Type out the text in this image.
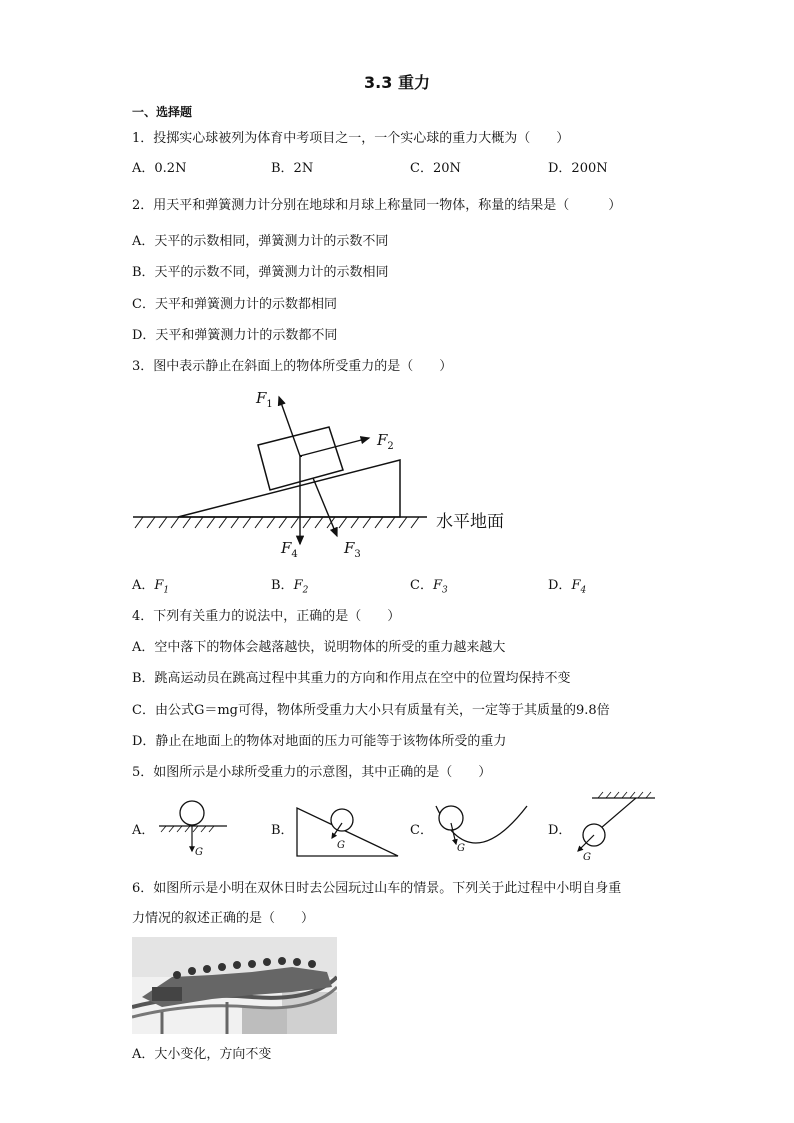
3.3 重力
一、选择题
1．投掷实心球被列为体育中考项目之一，一个实心球的重力大概为（　　）
A．0.2N	B．2N	C．20N	D．200N
2．用天平和弹簧测力计分别在地球和月球上称量同一物体，称量的结果是（　　　）
A．天平的示数相同，弹簧测力计的示数不同
B．天平的示数不同，弹簧测力计的示数相同
C．天平和弹簧测力计的示数都相同
D．天平和弹簧测力计的示数都不同
3．图中表示静止在斜面上的物体所受重力的是（　　）
$F_1$
$F_2$
$F_3$
$F_4$
水平地面
A．$F_1$	B．$F_2$	C．$F_3$	D．$F_4$
4．下列有关重力的说法中，正确的是（　　）
A．空中落下的物体会越落越快，说明物体的所受的重力越来越大
B．跳高运动员在跳高过程中其重力的方向和作用点在空中的位置均保持不变
C．由公式G＝mg可得，物体所受重力大小只有质量有关，一定等于其质量的9.8倍
D．静止在地面上的物体对地面的压力可能等于该物体所受的重力
5．如图所示是小球所受重力的示意图，其中正确的是（　　）
A．	B．	C．	D．
G
G	G
G
6．如图所示是小明在双休日时去公园玩过山车的情景。下列关于此过程中小明自身重
力情况的叙述正确的是（　　）
A．大小变化，方向不变
